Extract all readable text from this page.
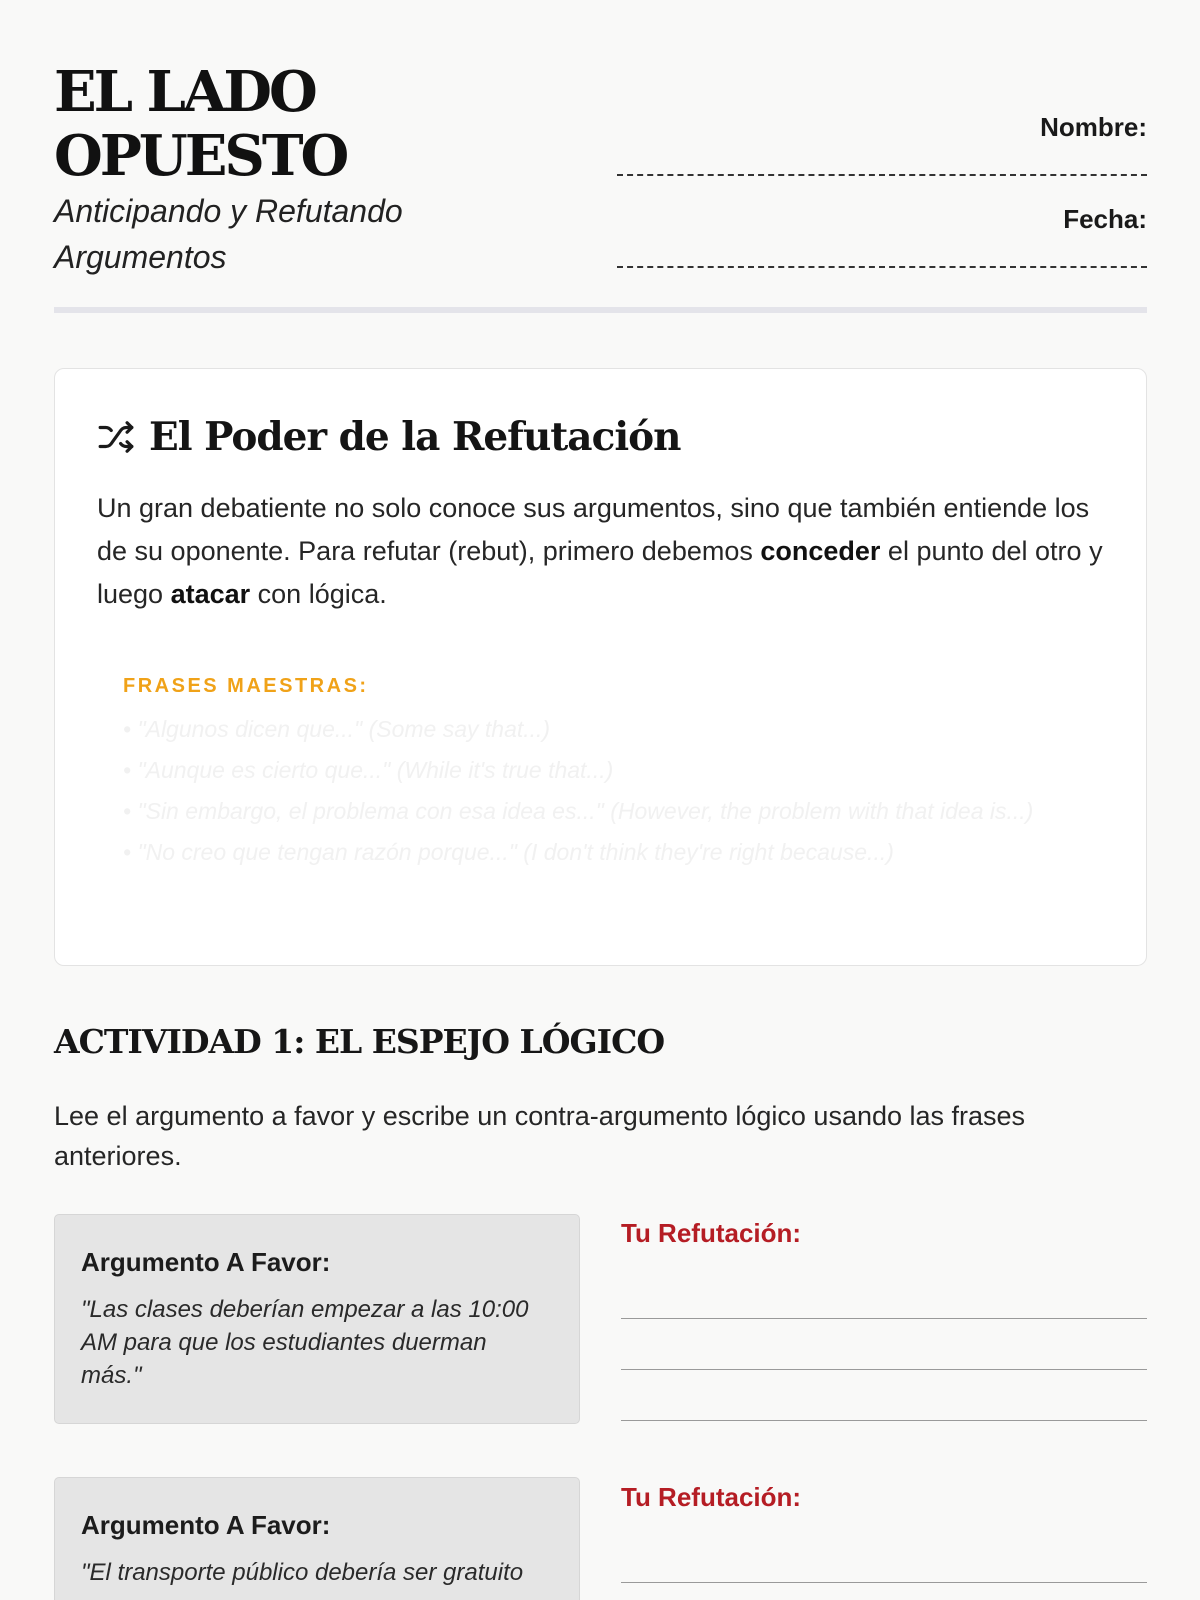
EL LADO OPUESTO
Anticipando y Refutando Argumentos
Nombre:
Fecha:
El Poder de la Refutación

Un gran debatiente no solo conoce sus argumentos, sino que también entiende los de su oponente. Para refutar (rebut), primero debemos conceder el punto del otro y luego atacar con lógica.

FRASES MAESTRAS:
• "Algunos dicen que..." (Some say that...)
• "Aunque es cierto que..." (While it's true that...)
• "Sin embargo, el problema con esa idea es..." (However, the problem with that idea is...)
• "No creo que tengan razón porque..." (I don't think they're right because...)
ACTIVIDAD 1: EL ESPEJO LÓGICO

Lee el argumento a favor y escribe un contra-argumento lógico usando las frases anteriores.

Argumento A Favor:
"Las clases deberían empezar a las 10:00 AM para que los estudiantes duerman más."
Tu Refutación:
Argumento A Favor:
"El transporte público debería ser gratuito
Tu Refutación:
